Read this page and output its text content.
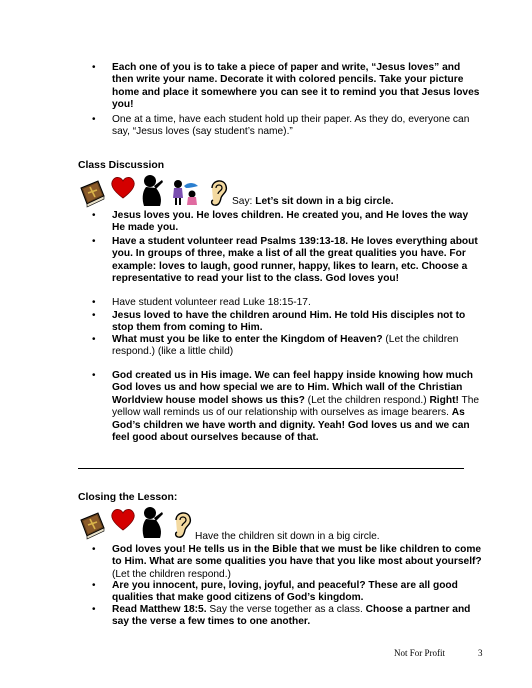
• Each one of you is to take a piece of paper and write, “Jesus loves” and then write your name. Decorate it with colored pencils. Take your picture home and place it somewhere you can see it to remind you that Jesus loves you!
• One at a time, have each student hold up their paper. As they do, everyone can say, “Jesus loves (say student’s name).”
Class Discussion
Say: Let’s sit down in a big circle.
• Jesus loves you. He loves children. He created you, and He loves the way He made you.
• Have a student volunteer read Psalms 139:13-18. He loves everything about you. In groups of three, make a list of all the great qualities you have. For example: loves to laugh, good runner, happy, likes to learn, etc. Choose a representative to read your list to the class. God loves you!
• Have student volunteer read Luke 18:15-17.
• Jesus loved to have the children around Him. He told His disciples not to stop them from coming to Him.
• What must you be like to enter the Kingdom of Heaven? (Let the children respond.) (like a little child)
• God created us in His image. We can feel happy inside knowing how much God loves us and how special we are to Him. Which wall of the Christian Worldview house model shows us this? (Let the children respond.) Right! The yellow wall reminds us of our relationship with ourselves as image bearers. As God’s children we have worth and dignity. Yeah! God loves us and we can feel good about ourselves because of that.
Closing the Lesson:
Have the children sit down in a big circle.
• God loves you! He tells us in the Bible that we must be like children to come to Him. What are some qualities you have that you like most about yourself? (Let the children respond.)
• Are you innocent, pure, loving, joyful, and peaceful? These are all good qualities that make good citizens of God’s kingdom.
• Read Matthew 18:5. Say the verse together as a class. Choose a partner and say the verse a few times to one another.
Not For Profit	3
